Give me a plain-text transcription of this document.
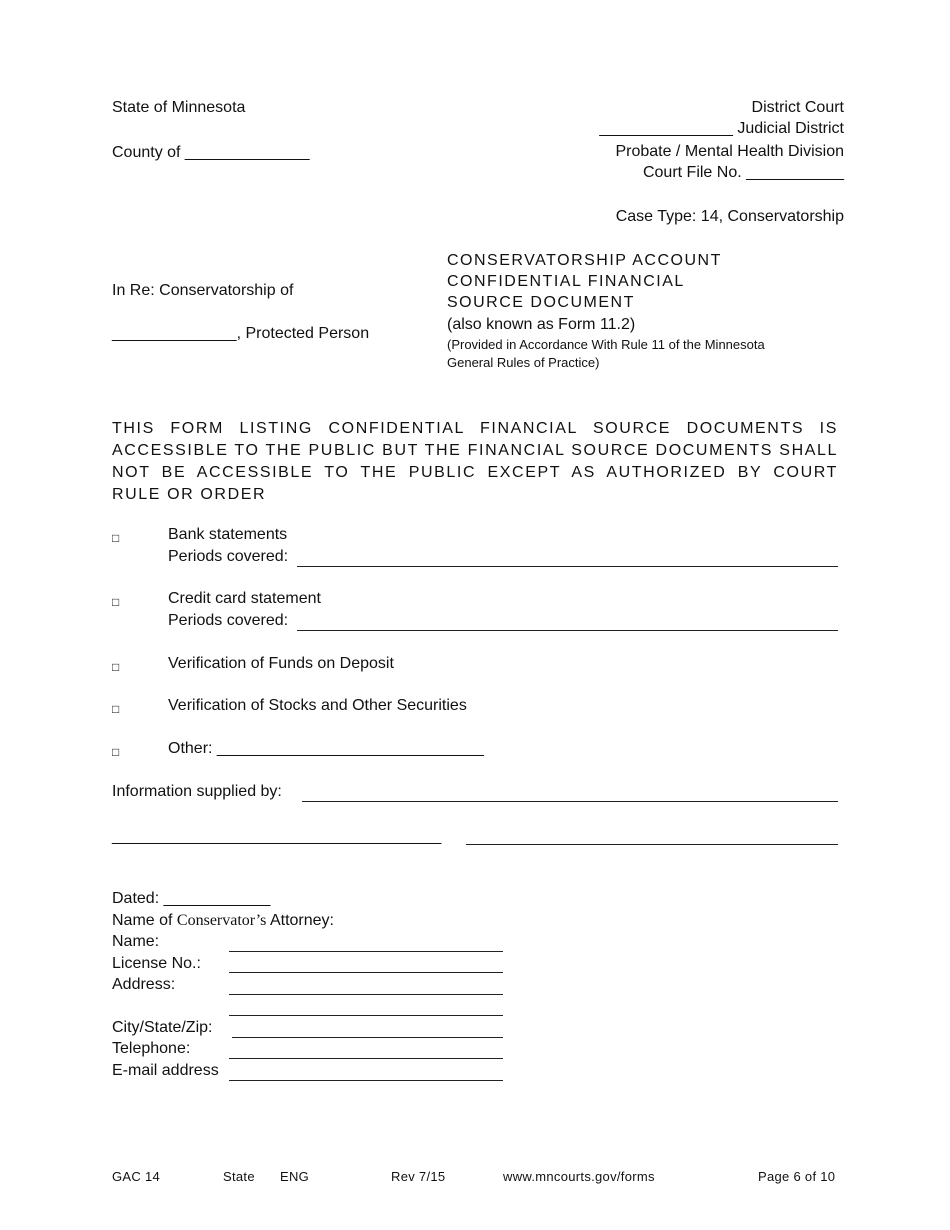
State of Minnesota
County of ______________
District Court
_______________ Judicial District
Probate / Mental Health Division
Court File No. ___________
Case Type: 14, Conservatorship
In Re: Conservatorship of
______________, Protected Person
CONSERVATORSHIP ACCOUNT
CONFIDENTIAL FINANCIAL
SOURCE DOCUMENT
(also known as Form 11.2)
(Provided in Accordance With Rule 11 of the Minnesota
General Rules of Practice)
THIS FORM LISTING CONFIDENTIAL FINANCIAL SOURCE DOCUMENTS IS ACCESSIBLE TO THE PUBLIC BUT THE FINANCIAL SOURCE DOCUMENTS SHALL NOT BE ACCESSIBLE TO THE PUBLIC EXCEPT AS AUTHORIZED BY COURT RULE OR ORDER
□	Bank statements
Periods covered:
□	Credit card statement
Periods covered:
□	Verification of Funds on Deposit
□	Verification of Stocks and Other Securities
□	Other: ______________________________
Information supplied by:
_____________________________________
Dated: ____________
Name of Conservator’s Attorney:
Name:
License No.:
Address:
City/State/Zip:
Telephone:
E-mail address
GAC 14	State ENG	Rev 7/15	www.mncourts.gov/forms	Page 6 of 10
